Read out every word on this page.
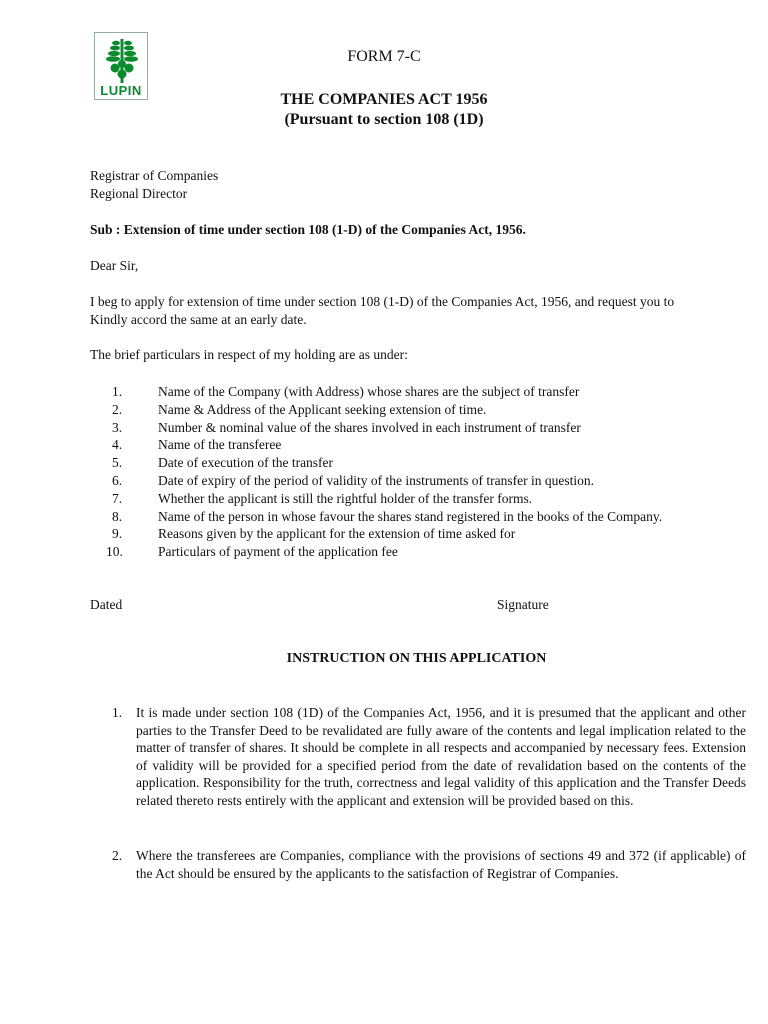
LUPIN
FORM 7-C
THE COMPANIES ACT 1956
(Pursuant to section 108 (1D)
Registrar of Companies
Regional Director
Sub : Extension of time under section 108 (1-D) of the Companies Act, 1956.
Dear Sir,
I beg to apply for extension of time under section 108 (1-D) of the Companies Act, 1956, and request you to
Kindly accord the same at an early date.
The brief particulars in respect of my holding are as under:
1.	Name of the Company (with Address) whose shares are the subject of transfer
2.	Name & Address of the Applicant seeking extension of time.
3.	Number & nominal value of the shares involved in each instrument of transfer
4.	Name of the transferee
5.	Date of execution of the transfer
6.	Date of expiry of the period of validity of the instruments of transfer in question.
7.	Whether the applicant is still the rightful holder of the transfer forms.
8.	Name of the person in whose favour the shares stand registered in the books of the Company.
9.	Reasons given by the applicant for the extension of time asked for
10.	Particulars of payment of the application fee
Dated	Signature
INSTRUCTION ON THIS APPLICATION
1. It is made under section 108 (1D) of the Companies Act, 1956, and it is presumed that the applicant and other parties to the Transfer Deed to be revalidated are fully aware of the contents and legal implication related to the matter of transfer of shares. It should be complete in all respects and accompanied by necessary fees. Extension of validity will be provided for a specified period from the date of revalidation based on the contents of the application. Responsibility for the truth, correctness and legal validity of this application and the Transfer Deeds related thereto rests entirely with the applicant and extension will be provided based on this.
2. Where the transferees are Companies, compliance with the provisions of sections 49 and 372 (if applicable) of the Act should be ensured by the applicants to the satisfaction of Registrar of Companies.
